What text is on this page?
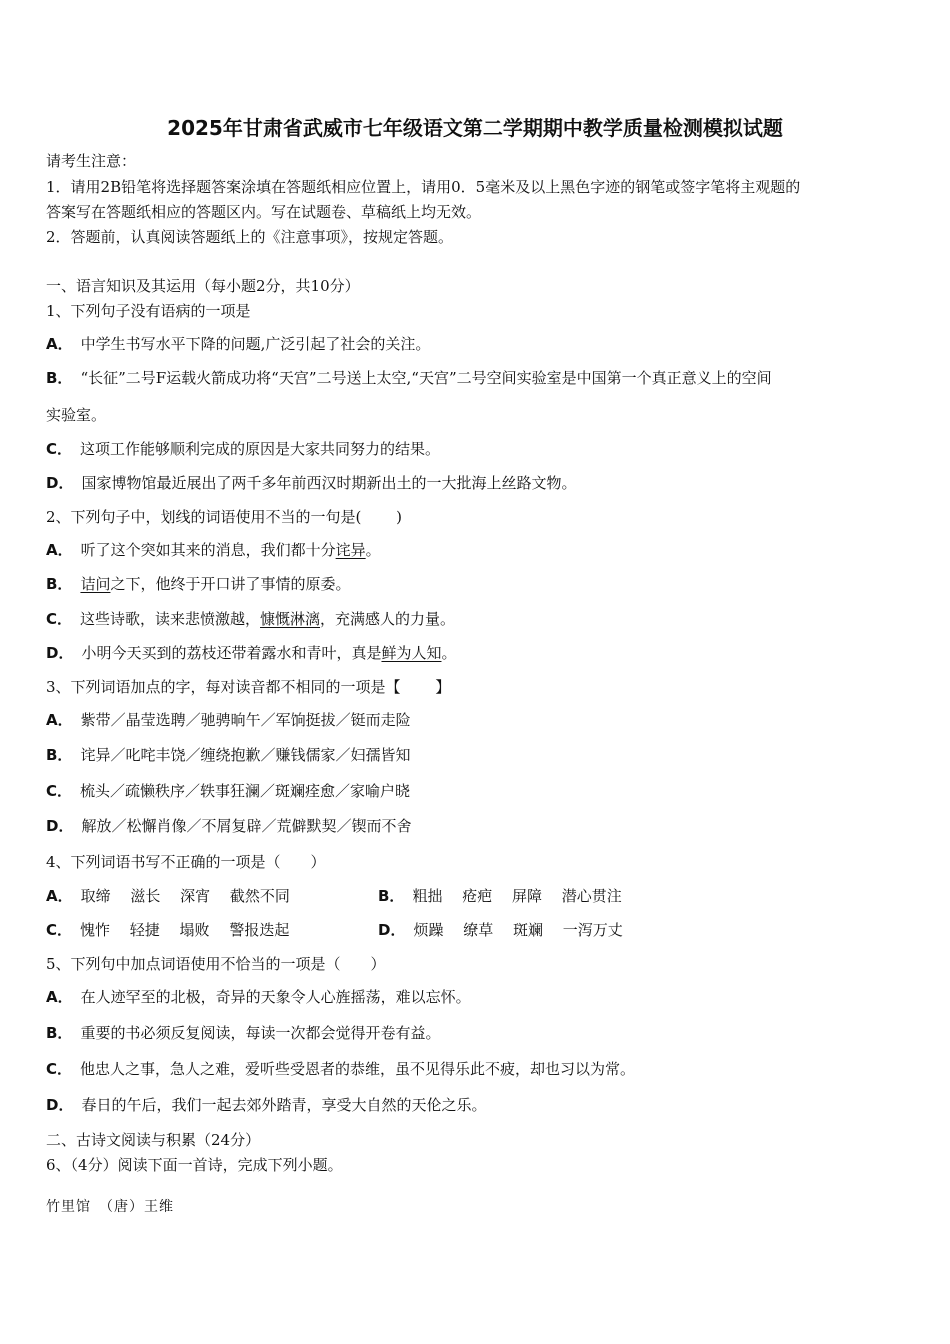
2025年甘肃省武威市七年级语文第二学期期中教学质量检测模拟试题
请考生注意：
1．请用2B铅笔将选择题答案涂填在答题纸相应位置上，请用0．5毫米及以上黑色字迹的钢笔或签字笔将主观题的
答案写在答题纸相应的答题区内。写在试题卷、草稿纸上均无效。
2．答题前，认真阅读答题纸上的《注意事项》，按规定答题。
一、语言知识及其运用（每小题2分，共10分）
1、下列句子没有语病的一项是
A． 中学生书写水平下降的问题,广泛引起了社会的关注。
B． “长征”二号F运载火箭成功将“天宫”二号送上太空,“天宫”二号空间实验室是中国第一个真正意义上的空间
实验室。
C． 这项工作能够顺利完成的原因是大家共同努力的结果。
D． 国家博物馆最近展出了两千多年前西汉时期新出土的一大批海上丝路文物。
2、下列句子中，划线的词语使用不当的一句是(　　 )
A． 听了这个突如其来的消息，我们都十分诧异。
B． 诘问之下，他终于开口讲了事情的原委。
C． 这些诗歌，读来悲愤激越，慷慨淋漓，充满感人的力量。
D． 小明今天买到的荔枝还带着露水和青叶，真是鲜为人知。
3、下列词语加点的字，每对读音都不相同的一项是【　　 】
A． 紫带／晶莹选聘／驰骋晌午／军饷挺拔／铤而走险
B． 诧异／叱咤丰饶／缠绕抱歉／赚钱儒家／妇孺皆知
C． 梳头／疏懒秩序／轶事狂澜／斑斓痊愈／家喻户晓
D． 解放／松懈肖像／不屑复辟／荒僻默契／锲而不舍
4、下列词语书写不正确的一项是（　　）
A． 取缔　 滋长　 深宵　 截然不同	B． 粗拙　 疮疤　 屏障　 潜心贯注
C． 愧怍　 轻捷　 塌败　 警报迭起	D． 烦躁　 缭草　 斑斓　 一泻万丈
5、下列句中加点词语使用不恰当的一项是（　　）
A． 在人迹罕至的北极，奇异的天象令人心旌摇荡，难以忘怀。
B． 重要的书必须反复阅读，每读一次都会觉得开卷有益。
C． 他忠人之事，急人之难，爱听些受恩者的恭维，虽不见得乐此不疲，却也习以为常。
D． 春日的午后，我们一起去郊外踏青，享受大自然的天伦之乐。
二、古诗文阅读与积累（24分）
6、（4分）阅读下面一首诗，完成下列小题。
竹里馆　（唐）王维
